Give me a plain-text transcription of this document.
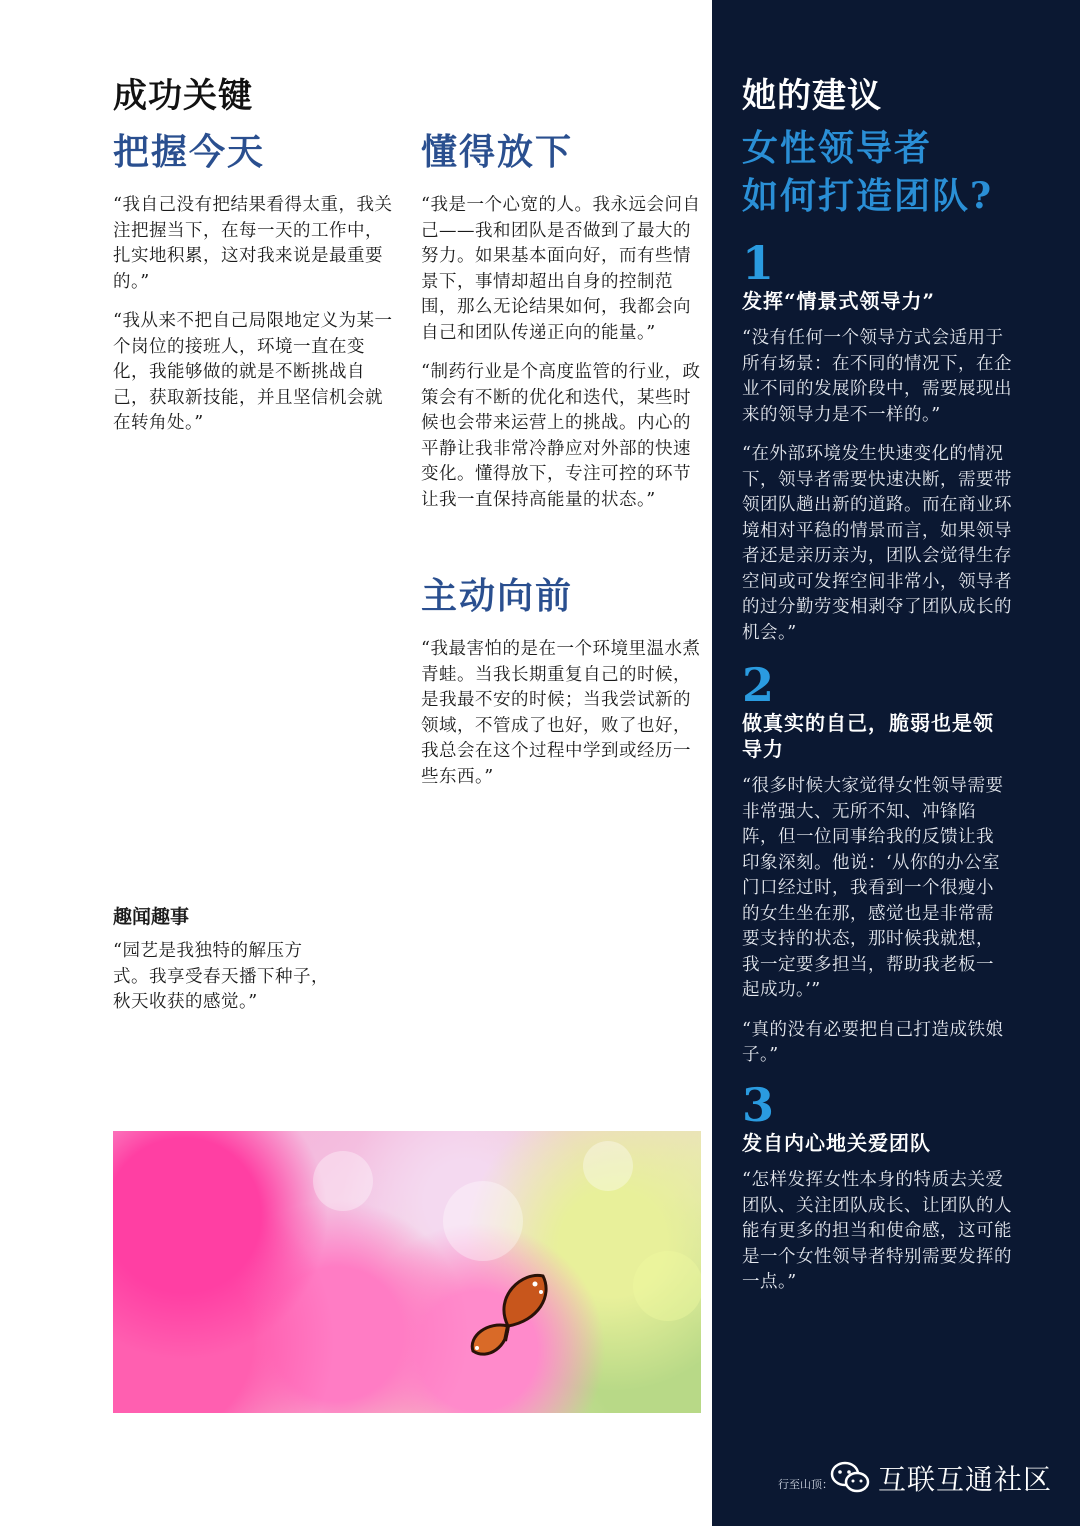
成功关键
把握今天

“我自己没有把结果看得太重，我关注把握当下，在每一天的工作中，扎实地积累，这对我来说是最重要的。”

“我从来不把自己局限地定义为某一个岗位的接班人，环境一直在变化，我能够做的就是不断挑战自己，获取新技能，并且坚信机会就在转角处。”

懂得放下

“我是一个心宽的人。我永远会问自己——我和团队是否做到了最大的努力。如果基本面向好，而有些情景下，事情却超出自身的控制范围，那么无论结果如何，我都会向自己和团队传递正向的能量。”

“制药行业是个高度监管的行业，政策会有不断的优化和迭代，某些时候也会带来运营上的挑战。内心的平静让我非常冷静应对外部的快速变化。懂得放下，专注可控的环节让我一直保持高能量的状态。”

主动向前

“我最害怕的是在一个环境里温水煮青蛙。当我长期重复自己的时候，是我最不安的时候；当我尝试新的领域，不管成了也好，败了也好，我总会在这个过程中学到或经历一些东西。”

趣闻趣事

“园艺是我独特的解压方式。我享受春天播下种子，秋天收获的感觉。”

她的建议
女性领导者
如何打造团队?
1
发挥“情景式领导力”

“没有任何一个领导方式会适用于所有场景：在不同的情况下，在企业不同的发展阶段中，需要展现出来的领导力是不一样的。”

“在外部环境发生快速变化的情况下，领导者需要快速决断，需要带领团队趟出新的道路。而在商业环境相对平稳的情景而言，如果领导者还是亲历亲为，团队会觉得生存空间或可发挥空间非常小，领导者的过分勤劳变相剥夺了团队成长的机会。”

2
做真实的自己，脆弱也是领导力

“很多时候大家觉得女性领导需要非常强大、无所不知、冲锋陷阵，但一位同事给我的反馈让我印象深刻。他说：‘从你的办公室门口经过时，我看到一个很瘦小的女生坐在那，感觉也是非常需要支持的状态，那时候我就想，我一定要多担当，帮助我老板一起成功。’”

“真的没有必要把自己打造成铁娘子。”

3
发自内心地关爱团队

“怎样发挥女性本身的特质去关爱团队、关注团队成长、让团队的人能有更多的担当和使命感，这可能是一个女性领导者特别需要发挥的一点。”

行至山顶： 互联互通社区
